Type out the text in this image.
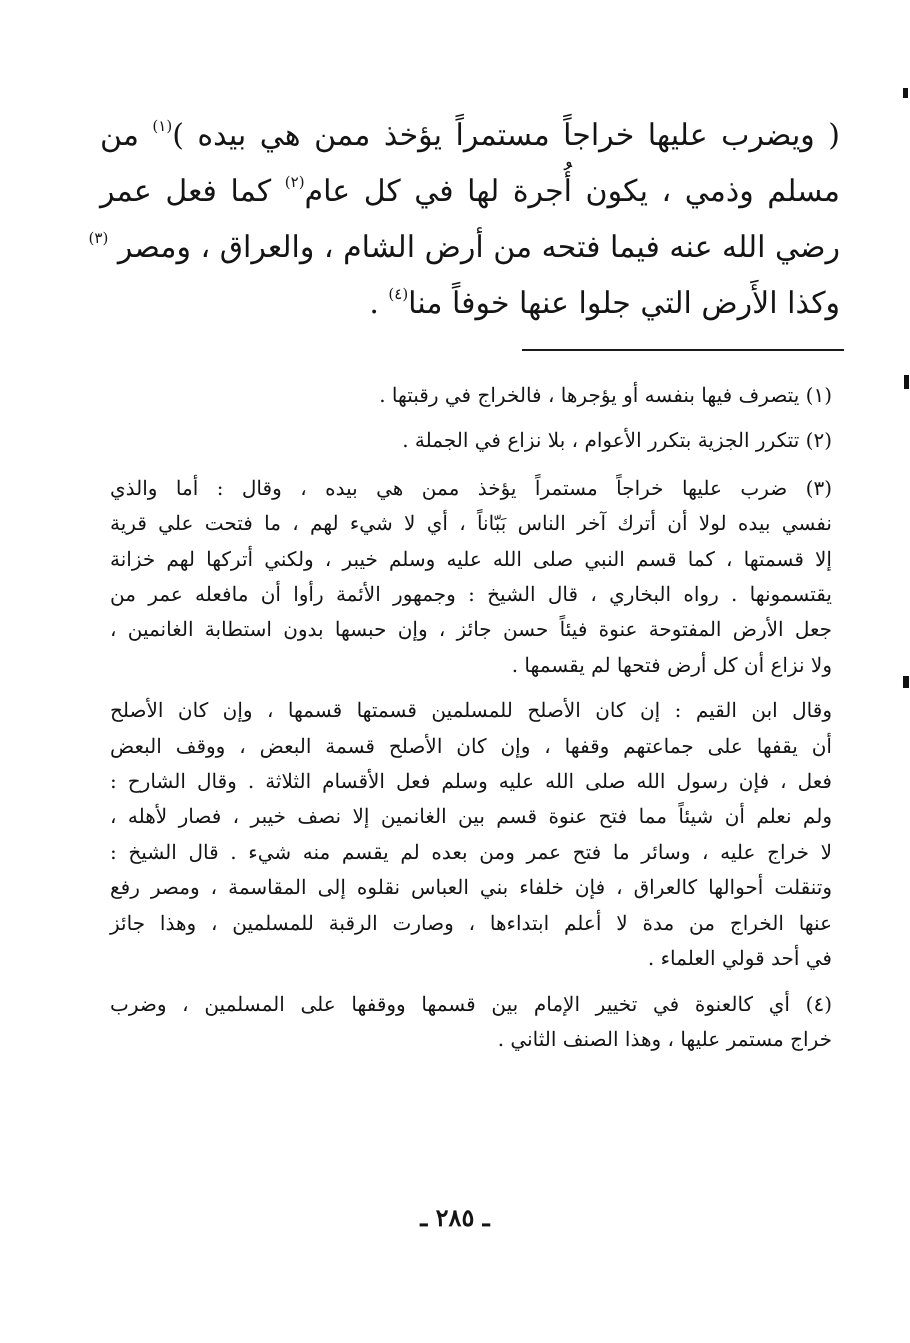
( ويضرب عليها خراجاً مستمراً يؤخذ ممن هي بيده )$^{(١)}$ من
مسلم وذمي ، يكون أُجرة لها في كل عام$^{(٢)}$ كما فعل عمر
رضي الله عنه فيما فتحه من أرض الشام ، والعراق ، ومصر $^{(٣)}$
وكذا الأَرض التي جلوا عنها خوفاً منا$^{(٤)}$ .
(١) يتصرف فيها بنفسه أو يؤجرها ، فالخراج في رقبتها .
(٢) تتكرر الجزية بتكرر الأعوام ، بلا نزاع في الجملة .
(٣) ضرب عليها خراجاً مستمراً يؤخذ ممن هي بيده ، وقال : أما والذي
نفسي بيده لولا أن أترك آخر الناس بَبّاناً ، أي لا شيء لهم ، ما فتحت علي قرية
إلا قسمتها ، كما قسم النبي صلى الله عليه وسلم خيبر ، ولكني أتركها لهم خزانة
يقتسمونها . رواه البخاري ، قال الشيخ : وجمهور الأئمة رأوا أن مافعله عمر من
جعل الأرض المفتوحة عنوة فيئاً حسن جائز ، وإن حبسها بدون استطابة الغانمين ،
ولا نزاع أن كل أرض فتحها لم يقسمها .
وقال ابن القيم : إن كان الأصلح للمسلمين قسمتها قسمها ، وإن كان الأصلح
أن يقفها على جماعتهم وقفها ، وإن كان الأصلح قسمة البعض ، ووقف البعض
فعل ، فإن رسول الله صلى الله عليه وسلم فعل الأقسام الثلاثة . وقال الشارح :
ولم نعلم أن شيئاً مما فتح عنوة قسم بين الغانمين إلا نصف خيبر ، فصار لأهله ،
لا خراج عليه ، وسائر ما فتح عمر ومن بعده لم يقسم منه شيء . قال الشيخ :
وتنقلت أحوالها كالعراق ، فإن خلفاء بني العباس نقلوه إلى المقاسمة ، ومصر رفع
عنها الخراج من مدة لا أعلم ابتداءها ، وصارت الرقبة للمسلمين ، وهذا جائز
في أحد قولي العلماء .
(٤) أي كالعنوة في تخيير الإمام بين قسمها ووقفها على المسلمين ، وضرب
خراج مستمر عليها ، وهذا الصنف الثاني .
ـ ٢٨٥ ـ
